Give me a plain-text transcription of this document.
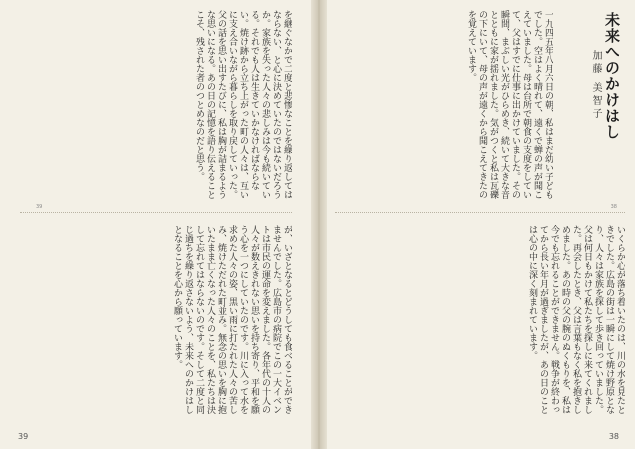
を継ぐなかで二度と悲惨なことを繰り返してはならない、と心に決めていたのではないだろうか。家族を失った人々の悲しみは今も続いている。それでも人は生きていかなければならない。焼け跡から立ち上がった町の人々は、互いに支え合いながら暮らしを取り戻していった。父の話を思い出すたびに、私は胸が詰まるような思いになる。あの日の記憶を語り伝えることこそ、残された者のつとめなのだと思う。
39
が、いざとなるとどうしても食べることができませんでした。広島市の病院でこの一大イベントは市民の運命を変えました。各年代の十人の人々が数えきれない思いを持ち寄り、平和を願う心を一つにしていたのです。川に入って水を求めた人々の姿、黒い雨に打たれた人々の苦しみ、焼けただれた町並み。無念の思いを胸に抱いたまま亡くなった人々のことを、私たちは決して忘れてはならないのです。そして二度と同じ過ちを繰り返さないよう、未来へのかけはしとなることを心から願っています。
39
一九四五年八月六日の朝、私はまだ幼い子どもでした。空はよく晴れて、遠くで蝉の声が聞こえていました。母は台所で朝食の支度をしていて、父はすでに仕事に出かけていました。その瞬間、まぶしい光がひらめき、続いて大きな音とともに家が揺れました。気がつくと私は瓦礫の下にいて、母の声が遠くから聞こえてきたのを覚えています。	未来へのかけはし
加藤 美智子
38
いくらか心が落ち着いたのは、川の水を見たときでした。広島の街は一瞬にして焼け野原となり、人々は家族を探して歩き回っていました。父は何日もかけて私たちを探しに来てくれました。再会したとき、父は言葉もなく私を抱きしめました。あの時の父の腕のぬくもりを、私は今でも忘れることができません。戦争が終わってから長い年月が過ぎましたが、あの日のことは心の中に深く刻まれています。
38
